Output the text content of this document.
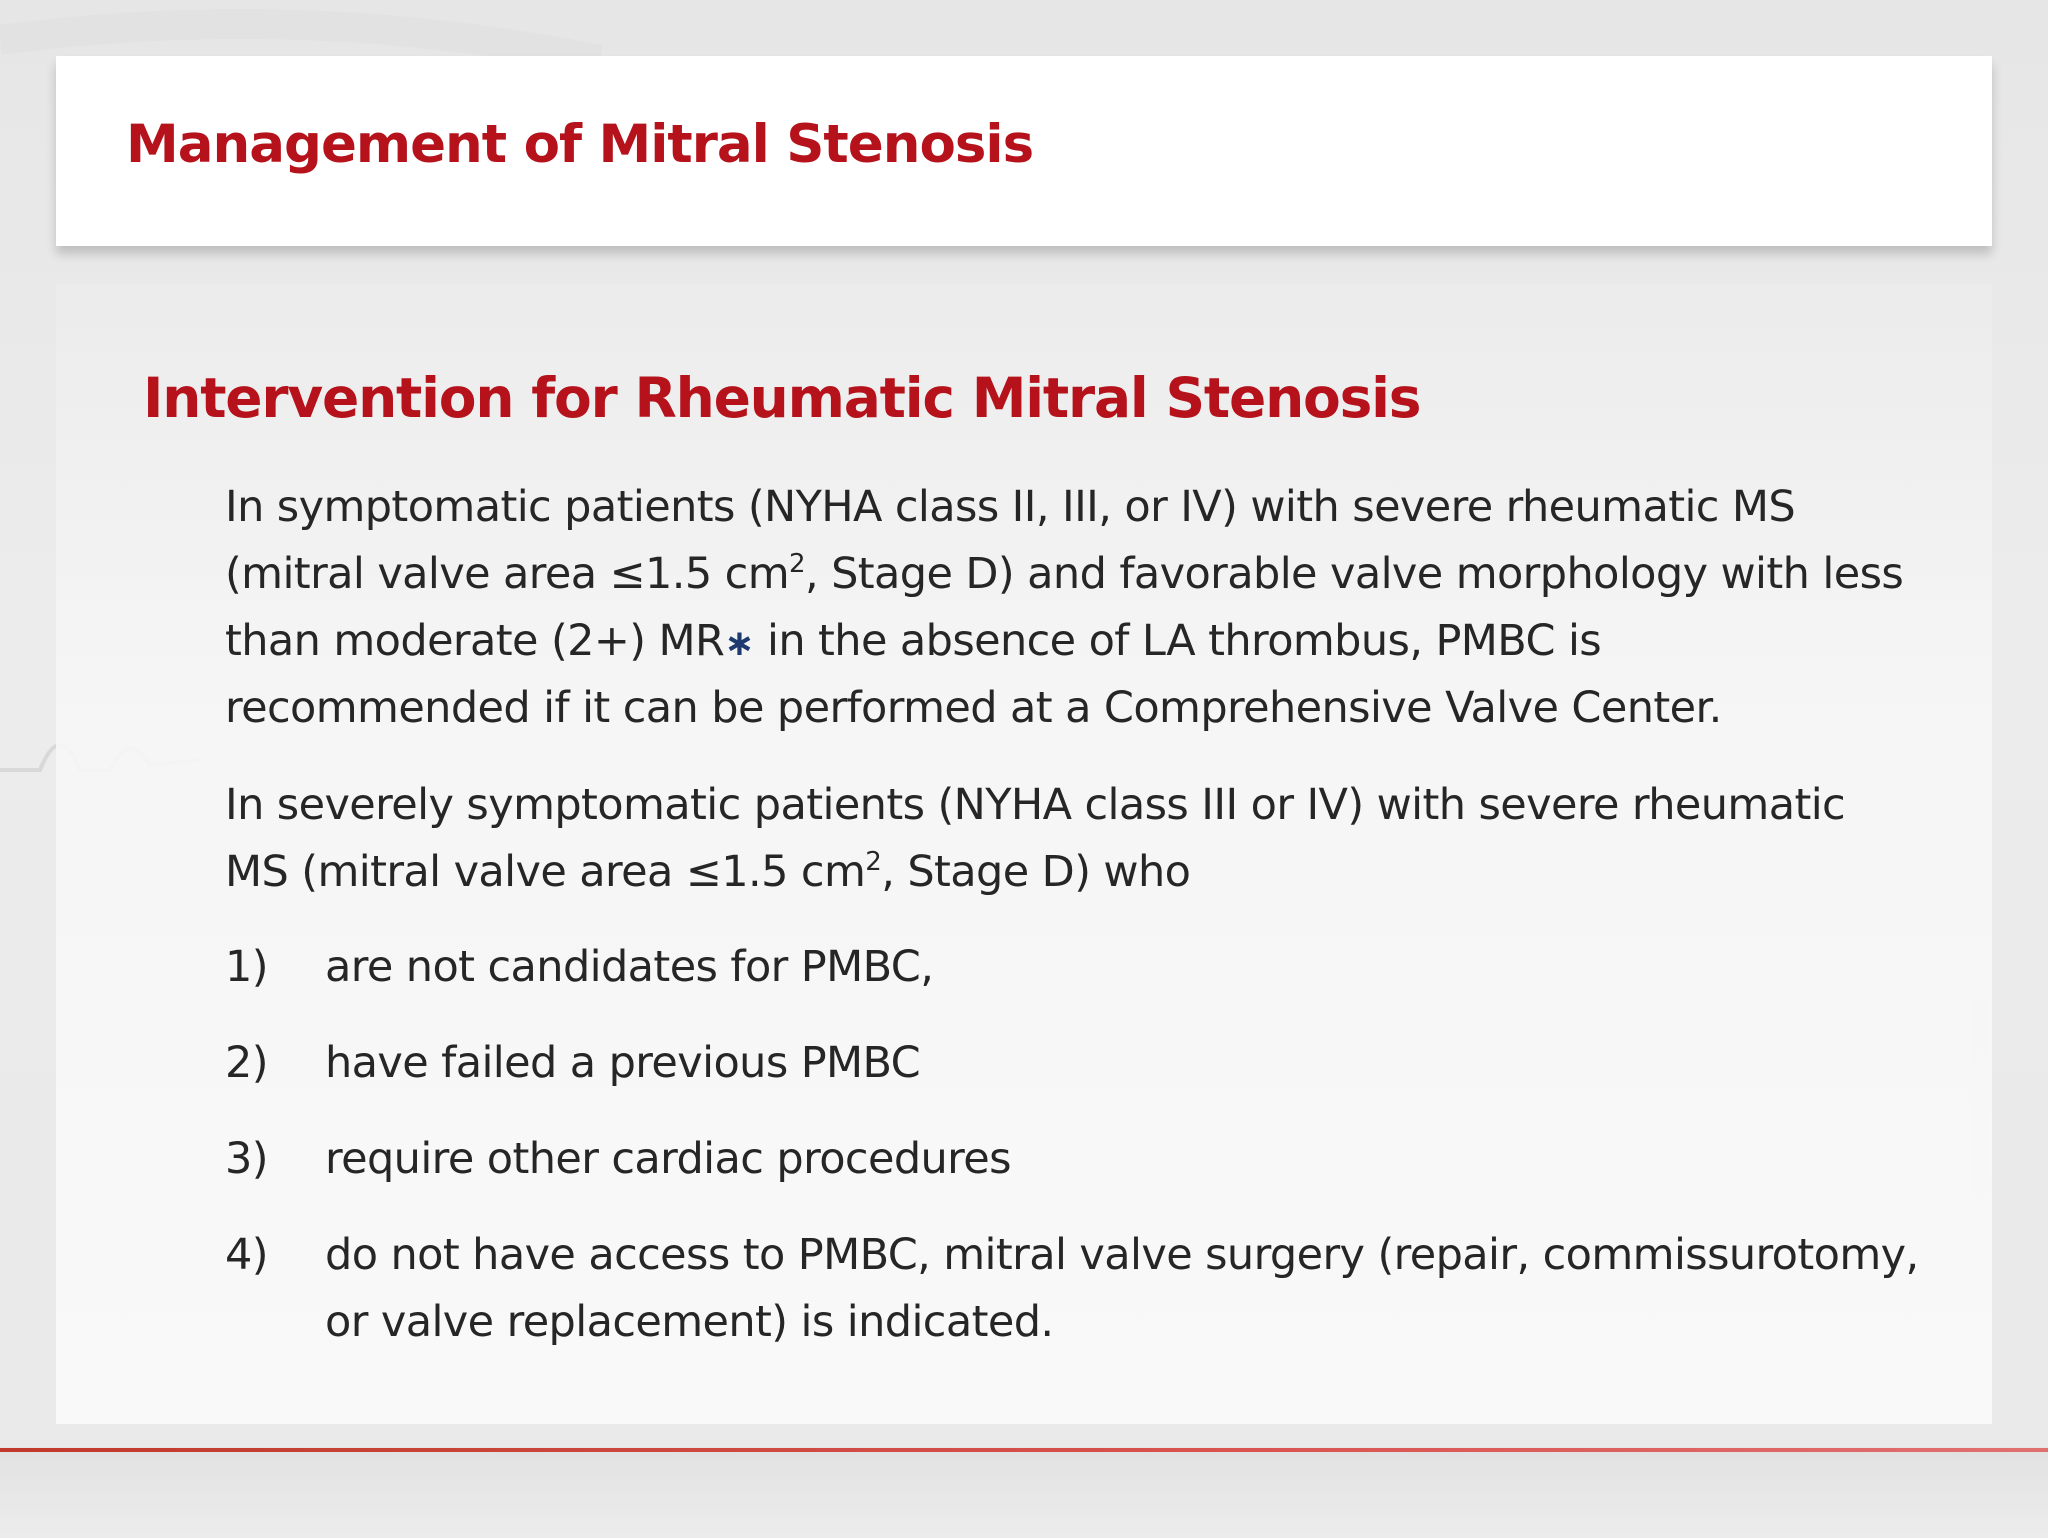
Management of Mitral Stenosis
Intervention for Rheumatic Mitral Stenosis
In symptomatic patients (NYHA class II, III, or IV) with severe rheumatic MS
(mitral valve area ≤1.5 $cm^2$, Stage D) and favorable valve morphology with less
than moderate (2+) MR∗ in the absence of LA thrombus, PMBC is
recommended if it can be performed at a Comprehensive Valve Center.
In severely symptomatic patients (NYHA class III or IV) with severe rheumatic
MS (mitral valve area ≤1.5 $cm^2$, Stage D) who
1) are not candidates for PMBC,
2) have failed a previous PMBC
3) require other cardiac procedures
4) do not have access to PMBC, mitral valve surgery (repair, commissurotomy,
or valve replacement) is indicated.
